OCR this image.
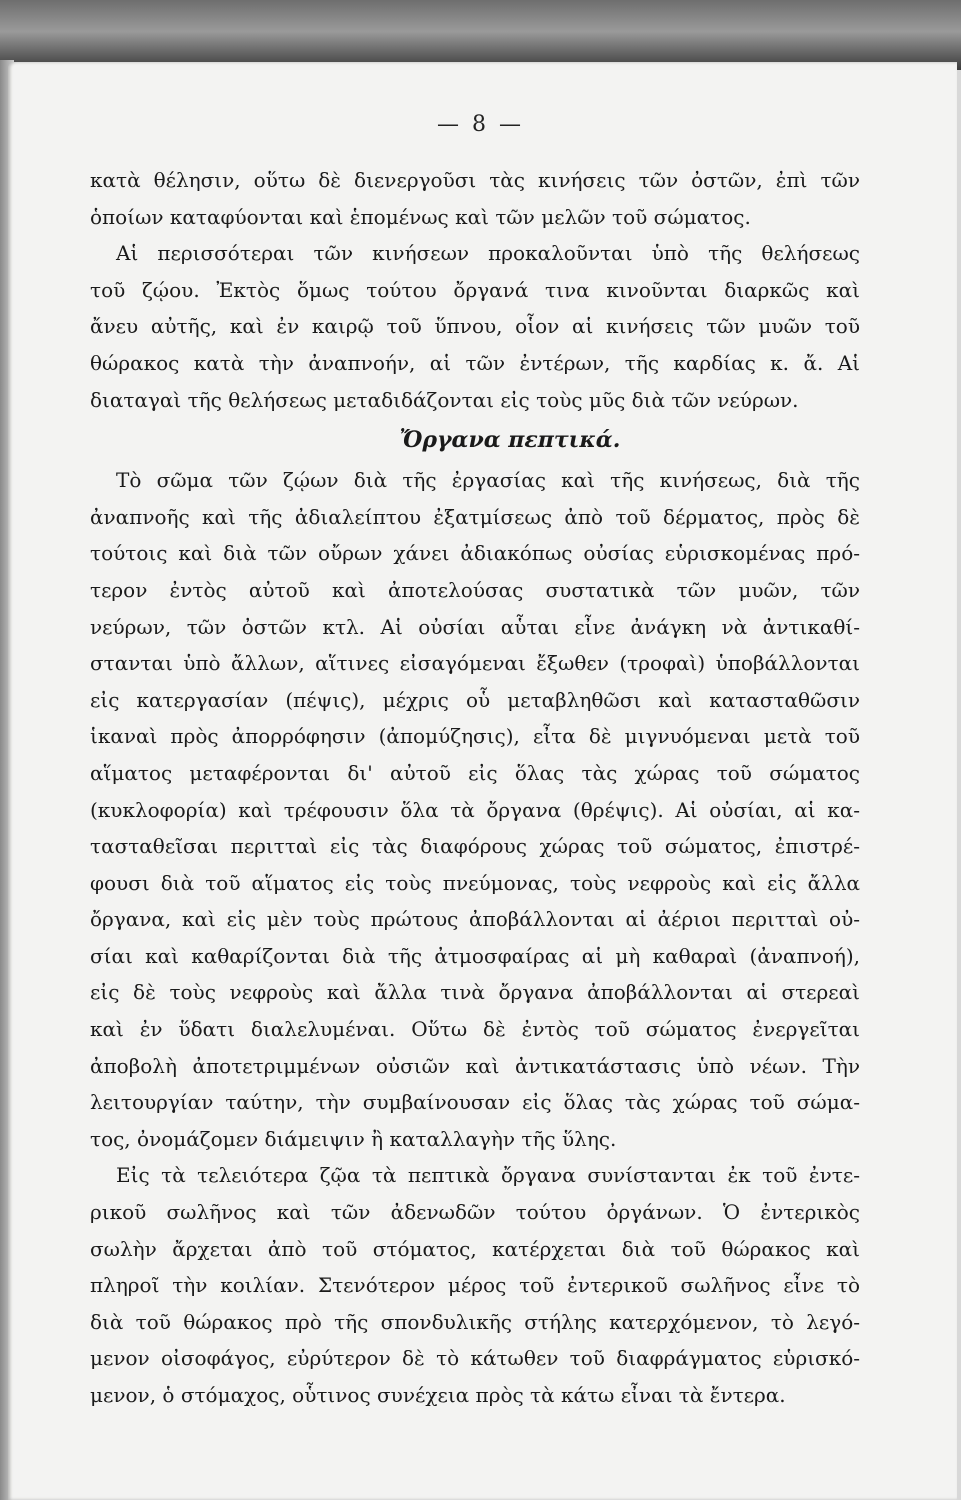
— 8 —
κατὰ θέλησιν, οὕτω δὲ διενεργοῦσι τὰς κινήσεις τῶν ὀστῶν, ἐπὶ τῶν
ὁποίων καταφύονται καὶ ἑπομένως καὶ τῶν μελῶν τοῦ σώματος.
Αἱ περισσότεραι τῶν κινήσεων προκαλοῦνται ὑπὸ τῆς θελήσεως
τοῦ ζῴου. Ἐκτὸς ὅμως τούτου ὄργανά τινα κινοῦνται διαρκῶς καὶ
ἄνευ αὐτῆς, καὶ ἐν καιρῷ τοῦ ὕπνου, οἷον αἱ κινήσεις τῶν μυῶν τοῦ
θώρακος κατὰ τὴν ἀναπνοήν, αἱ τῶν ἐντέρων, τῆς καρδίας κ. ἄ. Αἱ
διαταγαὶ τῆς θελήσεως μεταδιδάζονται εἰς τοὺς μῦς διὰ τῶν νεύρων.
Ὄργανα πεπτικά.
Τὸ σῶμα τῶν ζῴων διὰ τῆς ἐργασίας καὶ τῆς κινήσεως, διὰ τῆς
ἀναπνοῆς καὶ τῆς ἀδιαλείπτου ἐξατμίσεως ἀπὸ τοῦ δέρματος, πρὸς δὲ
τούτοις καὶ διὰ τῶν οὔρων χάνει ἀδιακόπως οὐσίας εὑρισκομένας πρό-
τερον ἐντὸς αὐτοῦ καὶ ἀποτελούσας συστατικὰ τῶν μυῶν, τῶν
νεύρων, τῶν ὀστῶν κτλ. Αἱ οὐσίαι αὗται εἶνε ἀνάγκη νὰ ἀντικαθί-
στανται ὑπὸ ἄλλων, αἵτινες εἰσαγόμεναι ἔξωθεν (τροφαὶ) ὑποβάλλονται
εἰς κατεργασίαν (πέψις), μέχρις οὗ μεταβληθῶσι καὶ κατασταθῶσιν
ἱκαναὶ πρὸς ἀπορρόφησιν (ἀπομύζησις), εἶτα δὲ μιγνυόμεναι μετὰ τοῦ
αἵματος μεταφέρονται δι' αὐτοῦ εἰς ὅλας τὰς χώρας τοῦ σώματος
(κυκλοφορία) καὶ τρέφουσιν ὅλα τὰ ὄργανα (θρέψις). Αἱ οὐσίαι, αἱ κα-
τασταθεῖσαι περιτταὶ εἰς τὰς διαφόρους χώρας τοῦ σώματος, ἐπιστρέ-
φουσι διὰ τοῦ αἵματος εἰς τοὺς πνεύμονας, τοὺς νεφροὺς καὶ εἰς ἄλλα
ὄργανα, καὶ εἰς μὲν τοὺς πρώτους ἀποβάλλονται αἱ ἀέριοι περιτταὶ οὐ-
σίαι καὶ καθαρίζονται διὰ τῆς ἀτμοσφαίρας αἱ μὴ καθαραὶ (ἀναπνοή),
εἰς δὲ τοὺς νεφροὺς καὶ ἄλλα τινὰ ὄργανα ἀποβάλλονται αἱ στερεαὶ
καὶ ἐν ὕδατι διαλελυμέναι. Οὕτω δὲ ἐντὸς τοῦ σώματος ἐνεργεῖται
ἀποβολὴ ἀποτετριμμένων οὐσιῶν καὶ ἀντικατάστασις ὑπὸ νέων. Τὴν
λειτουργίαν ταύτην, τὴν συμβαίνουσαν εἰς ὅλας τὰς χώρας τοῦ σώμα-
τος, ὀνομάζομεν διάμειψιν ἢ καταλλαγὴν τῆς ὕλης.
Εἰς τὰ τελειότερα ζῷα τὰ πεπτικὰ ὄργανα συνίστανται ἐκ τοῦ ἐντε-
ρικοῦ σωλῆνος καὶ τῶν ἀδενωδῶν τούτου ὀργάνων. Ὁ ἐντερικὸς
σωλὴν ἄρχεται ἀπὸ τοῦ στόματος, κατέρχεται διὰ τοῦ θώρακος καὶ
πληροῖ τὴν κοιλίαν. Στενότερον μέρος τοῦ ἐντερικοῦ σωλῆνος εἶνε τὸ
διὰ τοῦ θώρακος πρὸ τῆς σπονδυλικῆς στήλης κατερχόμενον, τὸ λεγό-
μενον οἰσοφάγος, εὐρύτερον δὲ τὸ κάτωθεν τοῦ διαφράγματος εὑρισκό-
μενον, ὁ στόμαχος, οὗτινος συνέχεια πρὸς τὰ κάτω εἶναι τὰ ἔντερα.
